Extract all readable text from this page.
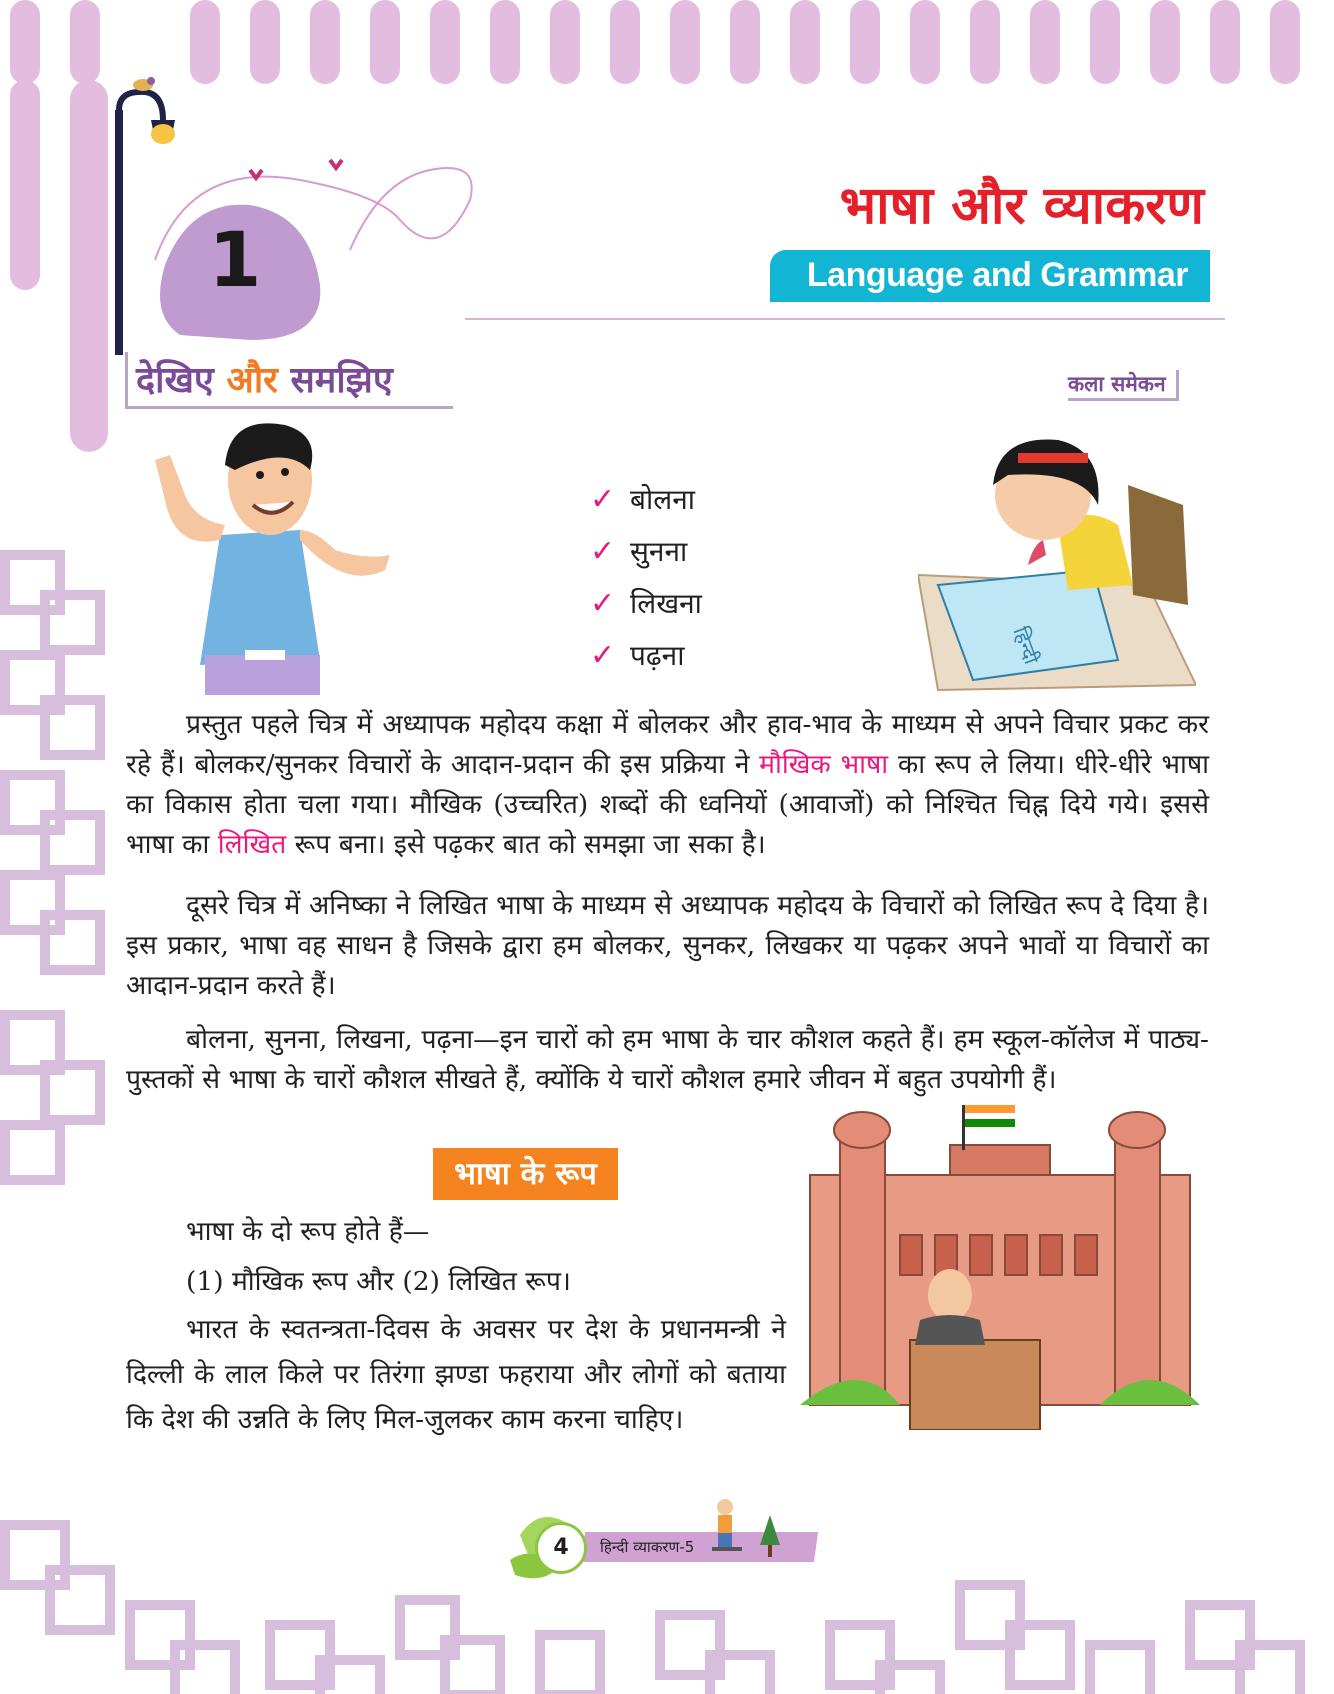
1
भाषा और व्याकरण
Language and Grammar
देखिए और समझिए	कला समेकन
✓ बोलना
✓ सुनना
✓ लिखना
✓ पढ़ना	हिन्दी

प्रस्तुत पहले चित्र में अध्यापक महोदय कक्षा में बोलकर और हाव-भाव के माध्यम से अपने विचार प्रकट कर रहे हैं। बोलकर/सुनकर विचारों के आदान-प्रदान की इस प्रक्रिया ने मौखिक भाषा का रूप ले लिया। धीरे-धीरे भाषा का विकास होता चला गया। मौखिक (उच्चरित) शब्दों की ध्वनियों (आवाजों) को निश्चित चिह्न दिये गये। इससे भाषा का लिखित रूप बना। इसे पढ़कर बात को समझा जा सका है।

दूसरे चित्र में अनिष्का ने लिखित भाषा के माध्यम से अध्यापक महोदय के विचारों को लिखित रूप दे दिया है। इस प्रकार, भाषा वह साधन है जिसके द्वारा हम बोलकर, सुनकर, लिखकर या पढ़कर अपने भावों या विचारों का आदान-प्रदान करते हैं।

बोलना, सुनना, लिखना, पढ़ना—इन चारों को हम भाषा के चार कौशल कहते हैं। हम स्कूल-कॉलेज में पाठ्य-पुस्तकों से भाषा के चारों कौशल सीखते हैं, क्योंकि ये चारों कौशल हमारे जीवन में बहुत उपयोगी हैं।

भाषा के रूप
भाषा के दो रूप होते हैं—
(1) मौखिक रूप और (2) लिखित रूप।

भारत के स्वतन्त्रता-दिवस के अवसर पर देश के प्रधानमन्त्री ने दिल्ली के लाल किले पर तिरंगा झण्डा फहराया और लोगों को बताया कि देश की उन्नति के लिए मिल-जुलकर काम करना चाहिए।

हिन्दी व्याकरण-5
4
